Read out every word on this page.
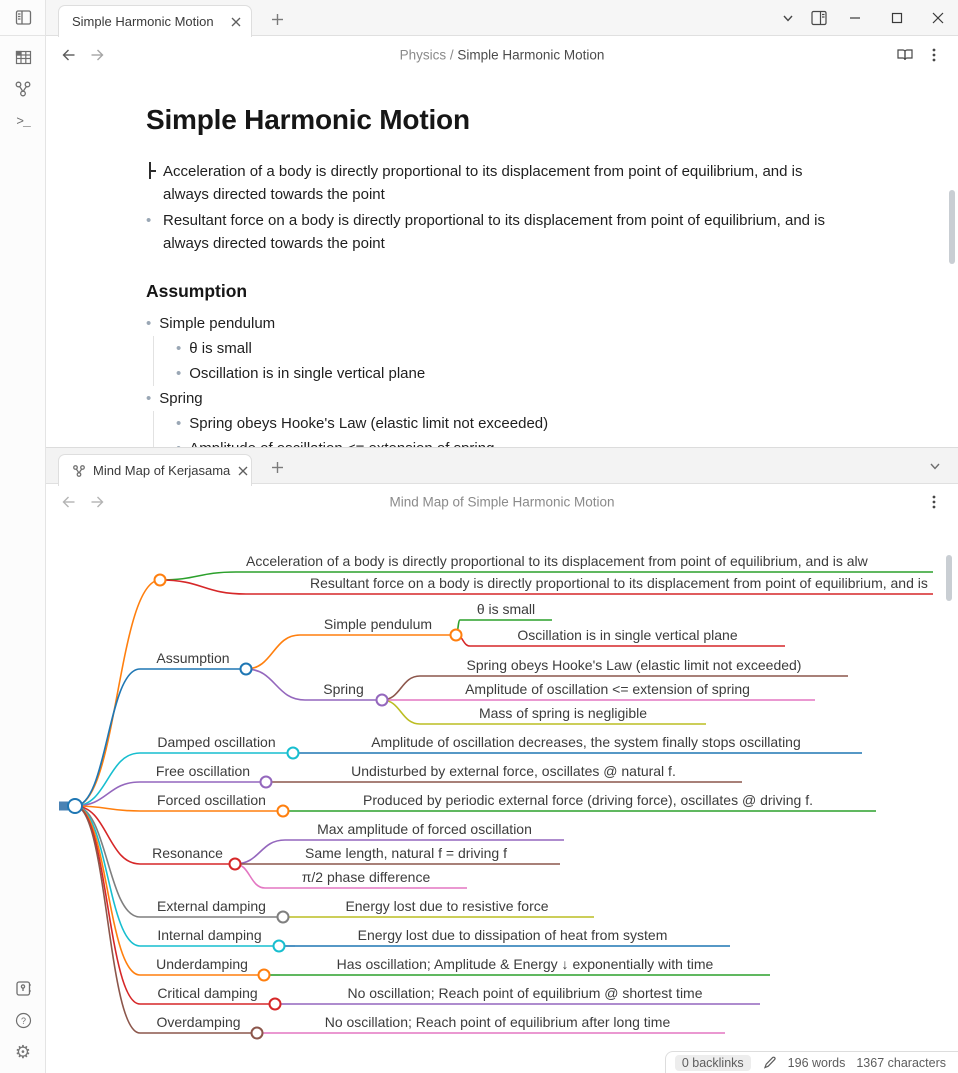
>_
?
⚙
Simple Harmonic Motion
Physics / Simple Harmonic Motion
Simple Harmonic Motion
Acceleration of a body is directly proportional to its displacement from point of equilibrium, and is
always directed towards the point
• Resultant force on a body is directly proportional to its displacement from point of equilibrium, and is
always directed towards the point
Assumption
• Simple pendulum
• θ is small
• Oscillation is in single vertical plane
• Spring
• Spring obeys Hooke's Law (elastic limit not exceeded)
Mind Map of Kerjasama
Mind Map of Simple Harmonic Motion
Acceleration of a body is directly proportional to its displacement from point of equilibrium, and is alw
Resultant force on a body is directly proportional to its displacement from point of equilibrium, and is
Assumption
Simple pendulum
θ is small
Oscillation is in single vertical plane
Spring
Spring obeys Hooke's Law (elastic limit not exceeded)
Amplitude of oscillation <= extension of spring
Mass of spring is negligible
Damped oscillation	Amplitude of oscillation decreases, the system finally stops oscillating
Free oscillation	Undisturbed by external force, oscillates @ natural f.
Forced oscillation	Produced by periodic external force (driving force), oscillates @ driving f.
Resonance
Max amplitude of forced oscillation
Same length, natural f = driving f
π/2 phase difference
External damping	Energy lost due to resistive force
Internal damping	Energy lost due to dissipation of heat from system
Underdamping	Has oscillation; Amplitude & Energy ↓ exponentially with time
Critical damping	No oscillation; Reach point of equilibrium @ shortest time
Overdamping	No oscillation; Reach point of equilibrium after long time
0 backlinks	196 words 1367 characters
